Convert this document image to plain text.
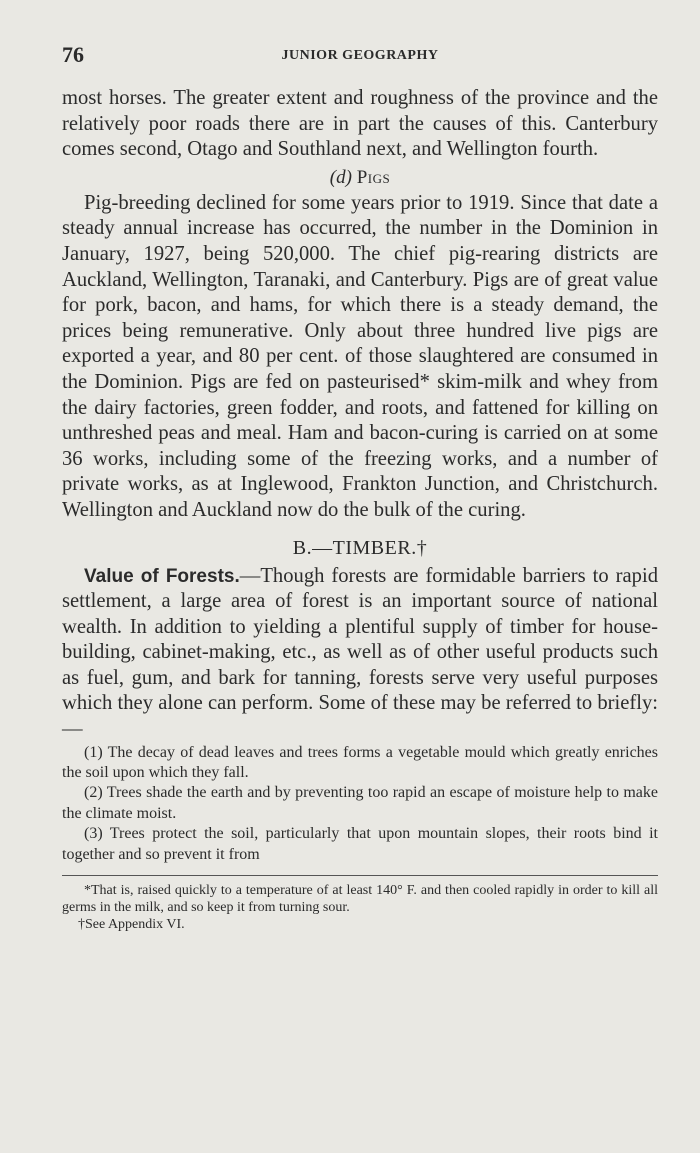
76	JUNIOR GEOGRAPHY

most horses. The greater extent and roughness of the province and the relatively poor roads there are in part the causes of this. Canterbury comes second, Otago and Southland next, and Wellington fourth.

(d) Pigs

Pig-breeding declined for some years prior to 1919. Since that date a steady annual increase has occurred, the number in the Dominion in January, 1927, being 520,000. The chief pig-rearing districts are Auckland, Wellington, Taranaki, and Canterbury. Pigs are of great value for pork, bacon, and hams, for which there is a steady demand, the prices being remunerative. Only about three hundred live pigs are exported a year, and 80 per cent. of those slaughtered are consumed in the Dominion. Pigs are fed on pasteurised* skim-milk and whey from the dairy factories, green fodder, and roots, and fattened for killing on unthreshed peas and meal. Ham and bacon-curing is carried on at some 36 works, including some of the freezing works, and a number of private works, as at Inglewood, Frankton Junction, and Christchurch. Wellington and Auckland now do the bulk of the curing.

B.—TIMBER.†

Value of Forests.—Though forests are formidable barriers to rapid settlement, a large area of forest is an important source of national wealth. In addition to yielding a plentiful supply of timber for house-building, cabinet-making, etc., as well as of other useful products such as fuel, gum, and bark for tanning, forests serve very useful purposes which they alone can perform. Some of these may be referred to briefly:—

(1) The decay of dead leaves and trees forms a vegetable mould which greatly enriches the soil upon which they fall.

(2) Trees shade the earth and by preventing too rapid an escape of moisture help to make the climate moist.

(3) Trees protect the soil, particularly that upon mountain slopes, their roots bind it together and so prevent it from

*That is, raised quickly to a temperature of at least 140° F. and then cooled rapidly in order to kill all germs in the milk, and so keep it from turning sour.

†See Appendix VI.
